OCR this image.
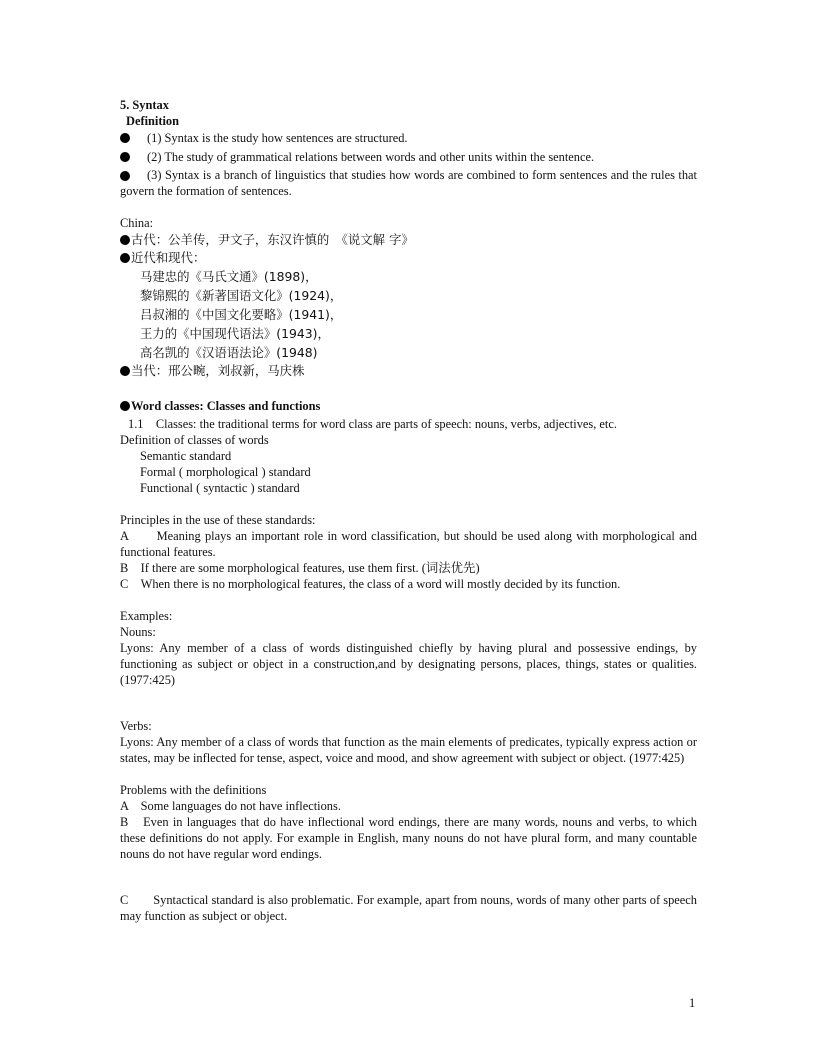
5. Syntax
Definition
(1) Syntax is the study how sentences are structured.
(2) The study of grammatical relations between words and other units within the sentence.
(3) Syntax is a branch of linguistics that studies how words are combined to form sentences and the rules that govern the formation of sentences.
China:
古代：公羊传，尹文子，东汉许慎的　《说文解 字》
近代和现代：
马建忠的《马氏文通》(1898)，
黎锦熙的《新著国语文化》(1924)，
吕叔湘的《中国文化要略》(1941)，
王力的《中国现代语法》(1943)，
高名凯的《汉语语法论》(1948)
当代：邢公畹，刘叔新，马庆株
Word classes: Classes and functions
1.1　Classes: the traditional terms for word class are parts of speech: nouns, verbs, adjectives, etc.
Definition of classes of words
Semantic standard
Formal ( morphological ) standard
Functional ( syntactic ) standard
Principles in the use of these standards:
A　　Meaning plays an important role in word classification, but should be used along with morphological and functional features.
B　If there are some morphological features, use them first. (词法优先)
C　When there is no morphological features, the class of a word will mostly decided by its function.
Examples:
Nouns:
Lyons: Any member of a class of words distinguished chiefly by having plural and possessive endings, by functioning as subject or object in a construction,and by designating persons, places, things, states or qualities. (1977:425)
Verbs:
Lyons: Any member of a class of words that function as the main elements of predicates, typically express action or states, may be inflected for tense, aspect, voice and mood, and show agreement with subject or object. (1977:425)
Problems with the definitions
A　Some languages do not have inflections.
B　Even in languages that do have inflectional word endings, there are many words, nouns and verbs, to which these definitions do not apply. For example in English, many nouns do not have plural form, and many countable nouns do not have regular word endings.
C　　Syntactical standard is also problematic. For example, apart from nouns, words of many other parts of speech may function as subject or object.
1
